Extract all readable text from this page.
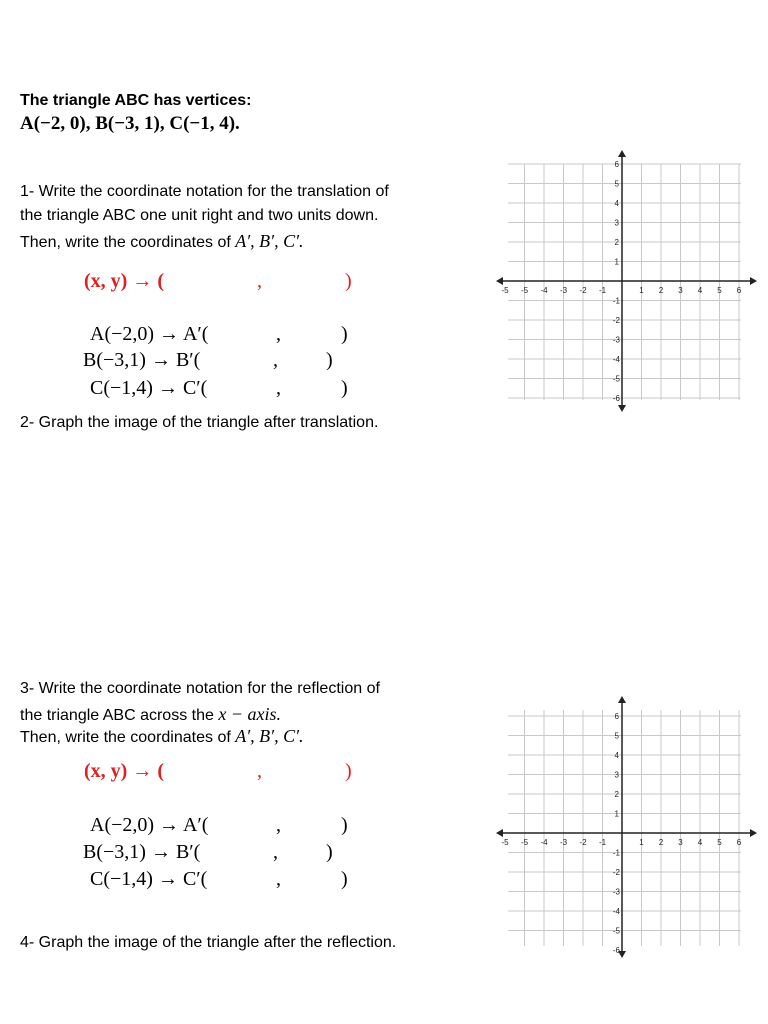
The triangle ABC has vertices:
A(−2, 0), B(−3, 1), C(−1, 4).
1- Write the coordinate notation for the translation of
the triangle ABC one unit right and two units down.
Then, write the coordinates of A′, B′, C′.
(x, y) → (	,	)
A(−2,0) → A′(	,	)
B(−3,1) → B′(	, )
C(−1,4) → C′(	,	)
2- Graph the image of the triangle after translation.
3- Write the coordinate notation for the reflection of
the triangle ABC across the x − axis.
Then, write the coordinates of A′, B′, C′.
(x, y) → (	,	)
A(−2,0) → A′(	,	)
B(−3,1) → B′(	, )
C(−1,4) → C′(	,	)
4- Graph the image of the triangle after the reflection.
-5 -5 -4 -3 -2 -1	1 2 3 4 5 6
1
2
3
4
5
6
-1
-2
-3
-4
-5
-6
-5 -5 -4 -3 -2 -1	1 2 3 4 5 6
1
2
3
4
5
6
-1
-2
-3
-4
-5
-6
